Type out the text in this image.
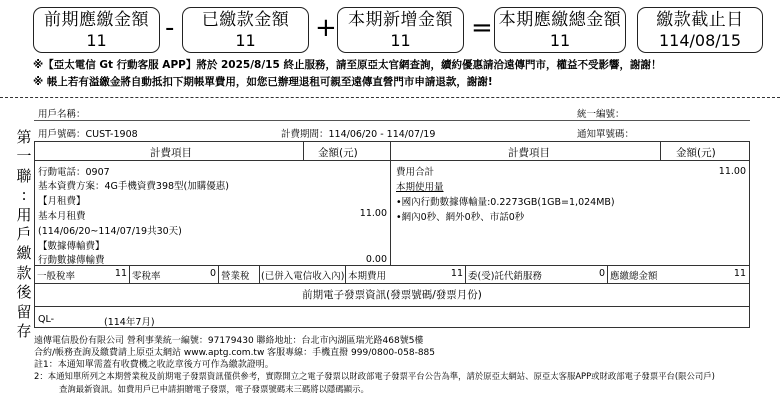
前期應繳金額
11	-	已繳款金額
11	+ 本期新增金額
11	= 本期應繳總金額
11
繳款截止日
114/08/15
※【亞太電信 Gt 行動客服 APP】將於 2025/8/15 終止服務，請至原亞太官網查詢，續約優惠請洽遠傳門市，權益不受影響，謝謝！
※ 帳上若有溢繳金將自動抵扣下期帳單費用，如您已辦理退租可親至遠傳直營門市申請退款，謝謝!
第
一
聯
:
用
戶
繳
款
後
留
存
用戶名稱：	統一編號：
用戶號碼：CUST-1908	計費期間：114/06/20 - 114/07/19	通知單號碼：
計費項目	金額(元)	計費項目	金額(元)
行動電話：0907
基本資費方案：4G手機資費398型(加購優惠)
【月租費】
基本月租費	11.00
(114/06/20~114/07/19共30天)
【數據傳輸費】
行動數據傳輸費	0.00
費用合計	11.00
本期使用量
•國內行動數據傳輸量:0.2273GB(1GB=1,024MB)
•網內0秒、網外0秒、市話0秒
一般稅率	11 零稅率	0 營業稅 (已併入電信收入內) 本期費用	11 委(受)託代銷服務	0 應繳總金額	11
前期電子發票資訊(發票號碼/發票月份)
QL-	(114年7月)
遠傳電信股份有限公司 營利事業統一編號：97179430 聯絡地址：台北市內湖區瑞光路468號5樓
合約/帳務查詢及繳費請上原亞太網站 www.aptg.com.tw 客服專線：手機直撥 999/0800-058-885
註1：本通知單需蓋有收費機之收訖章後方可作為繳款證明。
2：本通知單所列之本期營業稅及前期電子發票資訊僅供參考，實際開立之電子發票以財政部電子發票平台公告為準，請於原亞太網站、原亞太客服APP或財政部電子發票平台(限公司戶)
查詢最新資訊。如費用戶已申請捐贈電子發票，電子發票號碼末三碼將以隱碼顯示。
